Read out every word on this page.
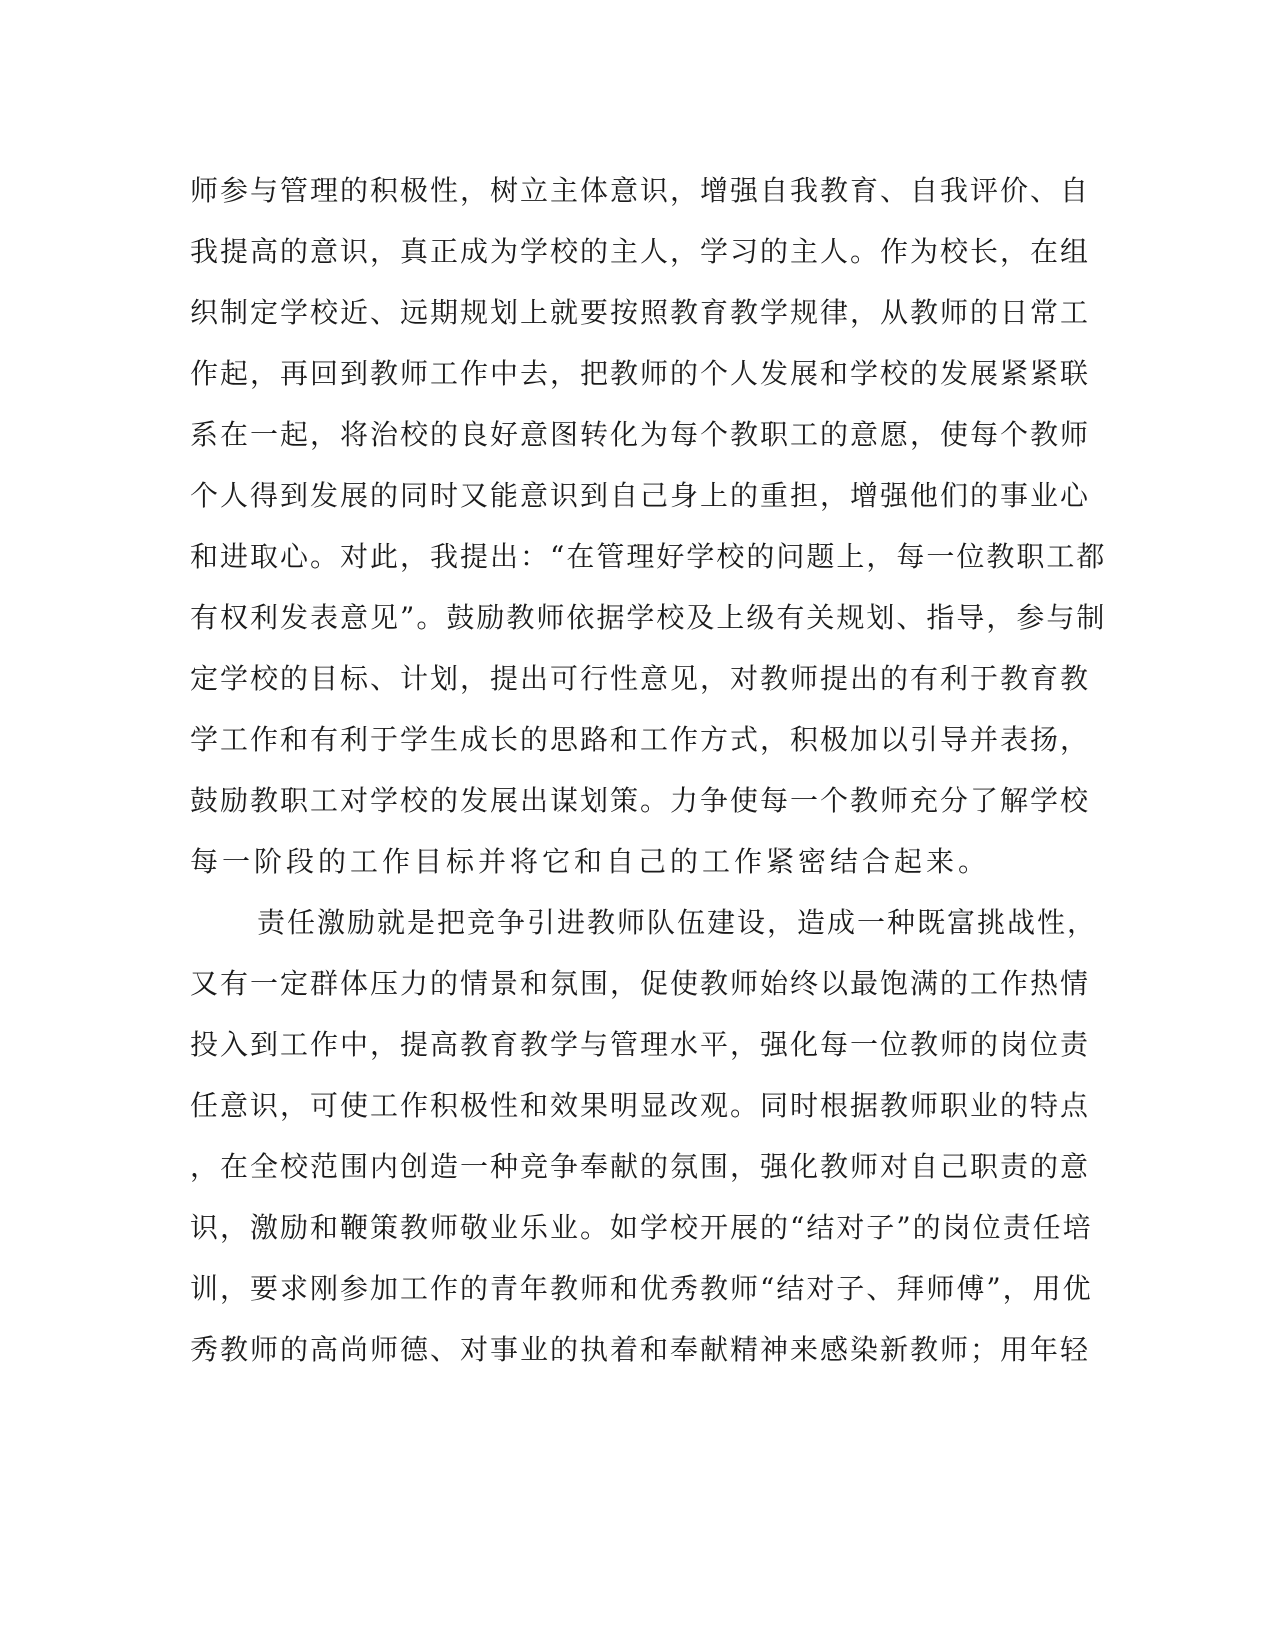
师参与管理的积极性，树立主体意识，增强自我教育、自我评价、自
我提高的意识，真正成为学校的主人，学习的主人。作为校长，在组
织制定学校近、远期规划上就要按照教育教学规律，从教师的日常工
作起，再回到教师工作中去，把教师的个人发展和学校的发展紧紧联
系在一起，将治校的良好意图转化为每个教职工的意愿，使每个教师
个人得到发展的同时又能意识到自己身上的重担，增强他们的事业心
和进取心。对此，我提出：“在管理好学校的问题上，每一位教职工都
有权利发表意见”。鼓励教师依据学校及上级有关规划、指导，参与制
定学校的目标、计划，提出可行性意见，对教师提出的有利于教育教
学工作和有利于学生成长的思路和工作方式，积极加以引导并表扬，
鼓励教职工对学校的发展出谋划策。力争使每一个教师充分了解学校
每一阶段的工作目标并将它和自己的工作紧密结合起来。
责任激励就是把竞争引进教师队伍建设，造成一种既富挑战性，
又有一定群体压力的情景和氛围，促使教师始终以最饱满的工作热情
投入到工作中，提高教育教学与管理水平，强化每一位教师的岗位责
任意识，可使工作积极性和效果明显改观。同时根据教师职业的特点
，在全校范围内创造一种竞争奉献的氛围，强化教师对自己职责的意
识，激励和鞭策教师敬业乐业。如学校开展的“结对子”的岗位责任培
训，要求刚参加工作的青年教师和优秀教师“结对子、拜师傅”，用优
秀教师的高尚师德、对事业的执着和奉献精神来感染新教师；用年轻
